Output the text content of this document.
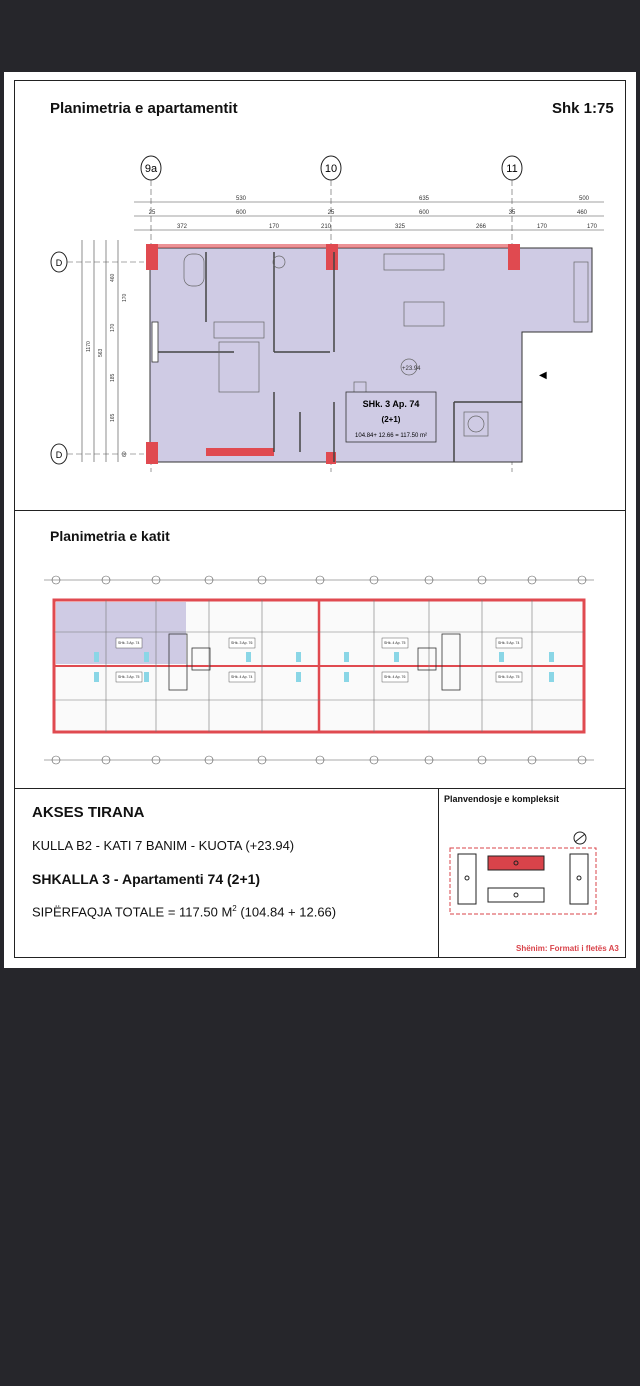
Planimetria e apartamentit	Shk 1:75
9a	10	11
530	635	500
25	600	25	600	35	460
372	170	210	325	266	170	170
1170
563
460
170
185
165
170
60
D
D
+23.94
◀
SHk. 3 Ap. 74
(2+1)
104.84+ 12.66 = 117.50 m²
Planimetria e katit
SHk. 3 Ap. 74
SHk. 3 Ap. 75
SHk. 3 Ap. 76
SHk. 4 Ap. 74
SHk. 4 Ap. 75
SHk. 4 Ap. 76
SHk. 5 Ap. 74
SHk. 5 Ap. 75
AKSES TIRANA
KULLA B2 - KATI 7 BANIM - KUOTA (+23.94)
SHKALLA 3 - Apartamenti 74 (2+1)
SIPËRFAQJA TOTALE = 117.50 $M^2$ (104.84 + 12.66)
Planvendosje e kompleksit
Shënim: Formati i fletës A3
